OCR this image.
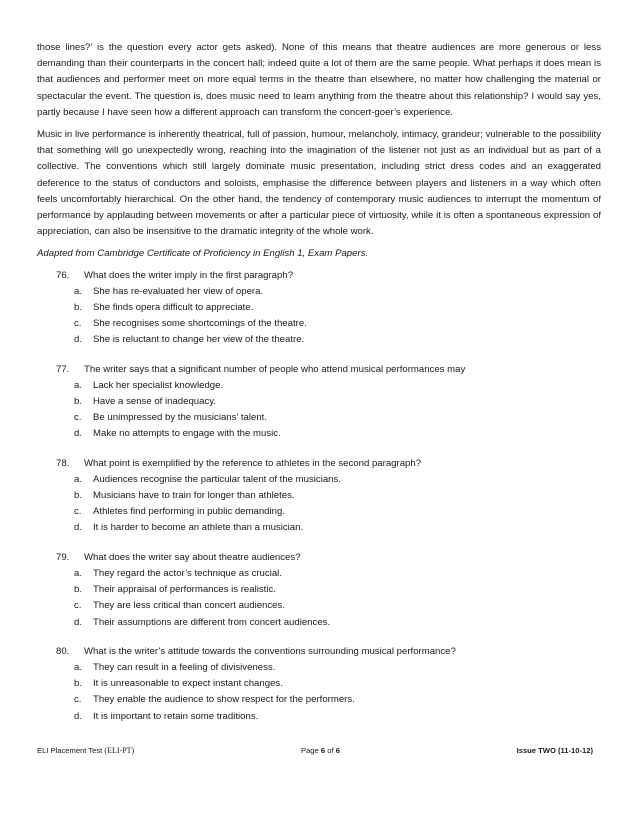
those lines?’ is the question every actor gets asked). None of this means that theatre audiences are more generous or less demanding than their counterparts in the concert hall; indeed quite a lot of them are the same people. What perhaps it does mean is that audiences and performer meet on more equal terms in the theatre than elsewhere, no matter how challenging the material or spectacular the event. The question is, does music need to learn anything from the theatre about this relationship? I would say yes, partly because I have seen how a different approach can transform the concert-goer’s experience.

Music in live performance is inherently theatrical, full of passion, humour, melancholy, intimacy, grandeur; vulnerable to the possibility that something will go unexpectedly wrong, reaching into the imagination of the listener not just as an individual but as part of a collective. The conventions which still largely dominate music presentation, including strict dress codes and an exaggerated deference to the status of conductors and soloists, emphasise the difference between players and listeners in a way which often feels uncomfortably hierarchical. On the other hand, the tendency of contemporary music audiences to interrupt the momentum of performance by applauding between movements or after a particular piece of virtuosity, while it is often a spontaneous expression of appreciation, can also be insensitive to the dramatic integrity of the whole work.

Adapted from Cambridge Certificate of Proficiency in English 1, Exam Papers.

76. What does the writer imply in the first paragraph?
a. She has re-evaluated her view of opera.
b. She finds opera difficult to appreciate.
c. She recognises some shortcomings of the theatre.
d. She is reluctant to change her view of the theatre.
77. The writer says that a significant number of people who attend musical performances may
a. Lack her specialist knowledge.
b. Have a sense of inadequacy.
c. Be unimpressed by the musicians’ talent.
d. Make no attempts to engage with the music.
78. What point is exemplified by the reference to athletes in the second paragraph?
a. Audiences recognise the particular talent of the musicians.
b. Musicians have to train for longer than athletes.
c. Athletes find performing in public demanding.
d. It is harder to become an athlete than a musician.
79. What does the writer say about theatre audiences?
a. They regard the actor’s technique as crucial.
b. Their appraisal of performances is realistic.
c. They are less critical than concert audiences.
d. Their assumptions are different from concert audiences.
80. What is the writer’s attitude towards the conventions surrounding musical performance?
a. They can result in a feeling of divisiveness.
b. It is unreasonable to expect instant changes.
c. They enable the audience to show respect for the performers.
d. It is important to retain some traditions.
ELI Placement Test (ELI-PT)	Page 6 of 6	Issue TWO (11-10-12)
